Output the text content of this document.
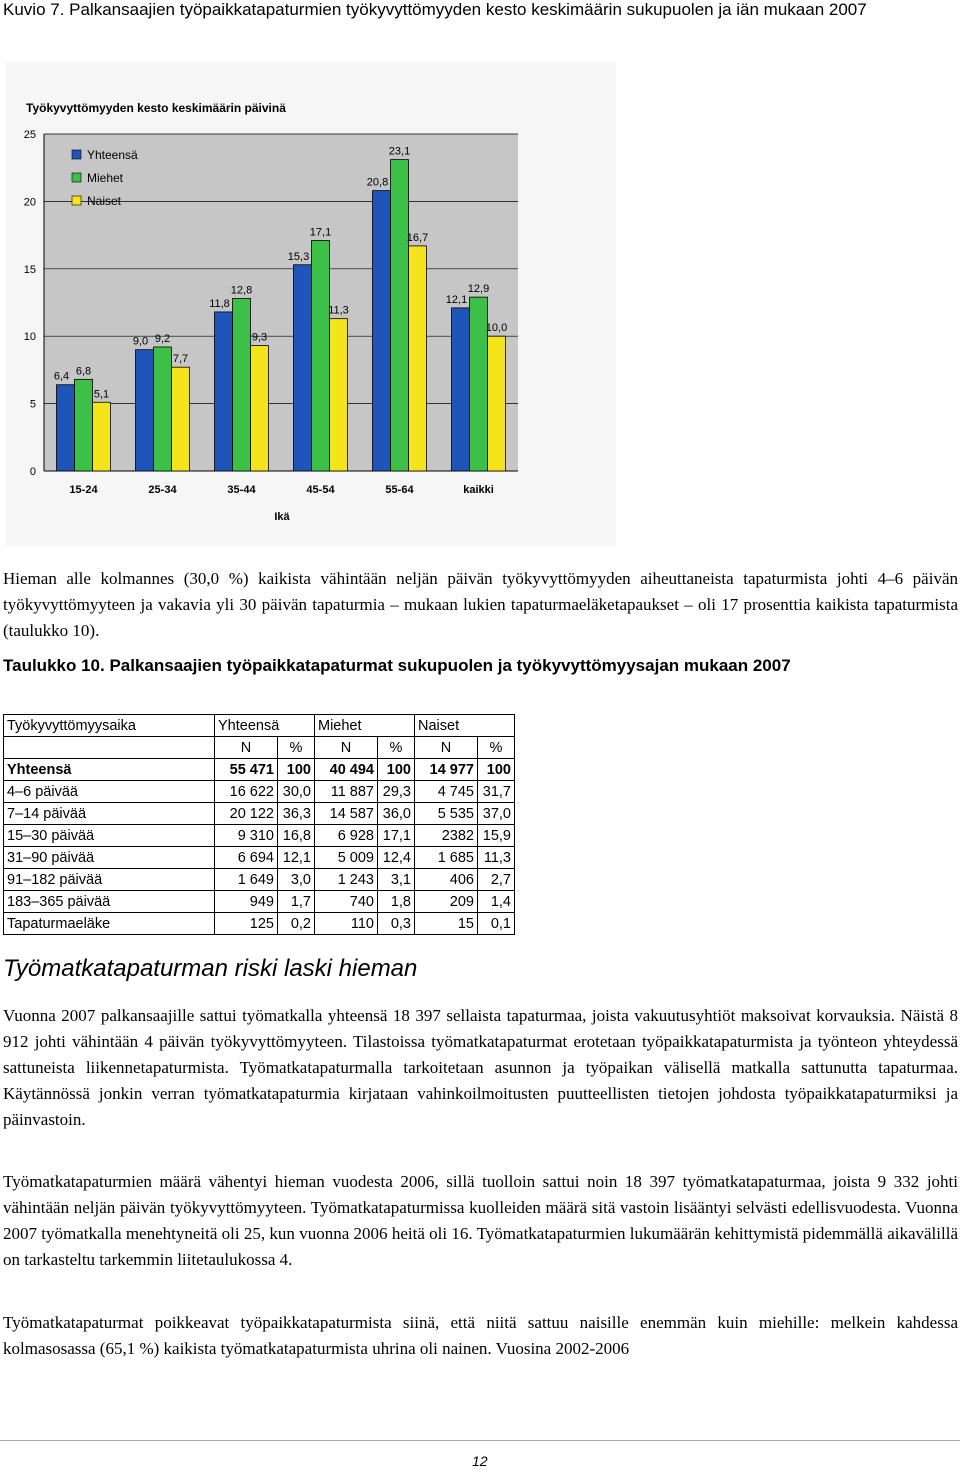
Kuvio 7. Palkansaajien työpaikkatapaturmien työkyvyttömyyden kesto keskimäärin sukupuolen ja iän mukaan 2007
Työkyvyttömyyden kesto keskimäärin päivinä
0
5
10
15
20
25
6,4 6,8
5,1
15-24
9,0 9,2
7,7
25-34
11,8
12,8
9,3
35-44
15,3
17,1
11,3
45-54
20,8
23,1
16,7
55-64
12,1
12,9
10,0
kaikki
Ikä
Yhteensä
Miehet
Naiset

Hieman alle kolmannes (30,0 %) kaikista vähintään neljän päivän työkyvyttömyyden aiheuttaneista tapaturmista johti 4–6 päivän työkyvyttömyyteen ja vakavia yli 30 päivän tapaturmia – mukaan lukien tapaturmaeläketapaukset – oli 17 prosenttia kaikista tapaturmista (taulukko 10).

Taulukko 10. Palkansaajien työpaikkatapaturmat sukupuolen ja työkyvyttömyysajan mukaan 2007
Työkyvyttömyysaika	Yhteensä		Miehet		Naiset	
	N	%	N	%	N	%
Yhteensä	55 471	100	40 494	100	14 977	100
4–6 päivää	16 622	30,0	11 887	29,3	4 745	31,7
7–14 päivää	20 122	36,3	14 587	36,0	5 535	37,0
15–30 päivää	9 310	16,8	6 928	17,1	2382	15,9
31–90 päivää	6 694	12,1	5 009	12,4	1 685	11,3
91–182 päivää	1 649	3,0	1 243	3,1	406	2,7
183–365 päivää	949	1,7	740	1,8	209	1,4
Tapaturmaeläke	125	0,2	110	0,3	15	0,1
Työmatkatapaturman riski laski hieman

Vuonna 2007 palkansaajille sattui työmatkalla yhteensä 18 397 sellaista tapaturmaa, joista vakuutusyhtiöt maksoivat korvauksia. Näistä 8 912 johti vähintään 4 päivän työkyvyttömyyteen. Tilastoissa työmatkatapaturmat erotetaan työpaikkatapaturmista ja työnteon yhteydessä sattuneista liikennetapaturmista. Työmatkatapaturmalla tarkoitetaan asunnon ja työpaikan välisellä matkalla sattunutta tapaturmaa. Käytännössä jonkin verran työmatkatapaturmia kirjataan vahinkoilmoitusten puutteellisten tietojen johdosta työpaikkatapaturmiksi ja päinvastoin.

Työmatkatapaturmien määrä vähentyi hieman vuodesta 2006, sillä tuolloin sattui noin 18 397 työmatkatapaturmaa, joista 9 332 johti vähintään neljän päivän työkyvyttömyyteen. Työmatkatapaturmissa kuolleiden määrä sitä vastoin lisääntyi selvästi edellisvuodesta. Vuonna 2007 työmatkalla menehtyneitä oli 25, kun vuonna 2006 heitä oli 16. Työmatkatapaturmien lukumäärän kehittymistä pidemmällä aikavälillä on tarkasteltu tarkemmin liitetaulukossa 4.

Työmatkatapaturmat poikkeavat työpaikkatapaturmista siinä, että niitä sattuu naisille enemmän kuin miehille: melkein kahdessa kolmasosassa (65,1 %) kaikista työmatkatapaturmista uhrina oli nainen. Vuosina 2002-2006

12
